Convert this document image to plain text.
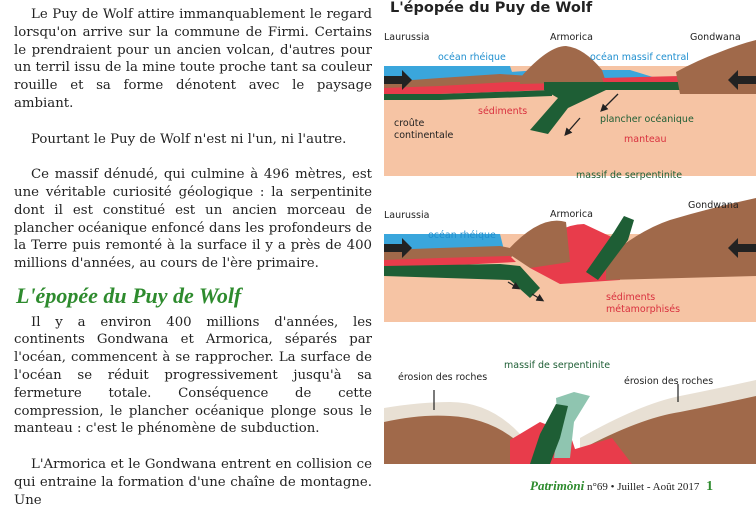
Le Puy de Wolf attire immanquablement le regard lorsqu'on arrive sur la commune de Firmi. Certains le prendraient pour un ancien volcan, d'autres pour un terril issu de la mine toute proche tant sa couleur rouille et sa forme dénotent avec le paysage ambiant.

Pourtant le Puy de Wolf n'est ni l'un, ni l'autre.

Ce massif dénudé, qui culmine à 496 mètres, est une véritable curiosité géologique : la serpentinite dont il est constitué est un ancien morceau de plancher océanique enfoncé dans les profondeurs de la Terre puis remonté à la surface il y a près de 400 millions d'années, au cours de l'ère primaire.

L'épopée du Puy de Wolf

Il y a environ 400 millions d'années, les continents Gondwana et Armorica, séparés par l'océan, commencent à se rapprocher. La surface de l'océan se réduit progressivement jusqu'à sa fermeture totale. Conséquence de cette compression, le plancher océanique plonge sous le manteau : c'est le phénomène de subduction.

L'Armorica et le Gondwana entrent en collision ce qui entraine la formation d'une chaîne de montagne. Une

L'épopée du Puy de Wolf
Laurussia	Armorica	Gondwana
océan rhéique	océan massif central
sédiments
croûte
continentale
plancher océanique
manteau
massif de serpentinite
Laurussia	Armorica
Gondwana
océan rhéique
sédiments
métamorphisés
érosion des roches
massif de serpentinite
érosion des roches
Patrimòni n°69 • Juillet - Août 2017 1
